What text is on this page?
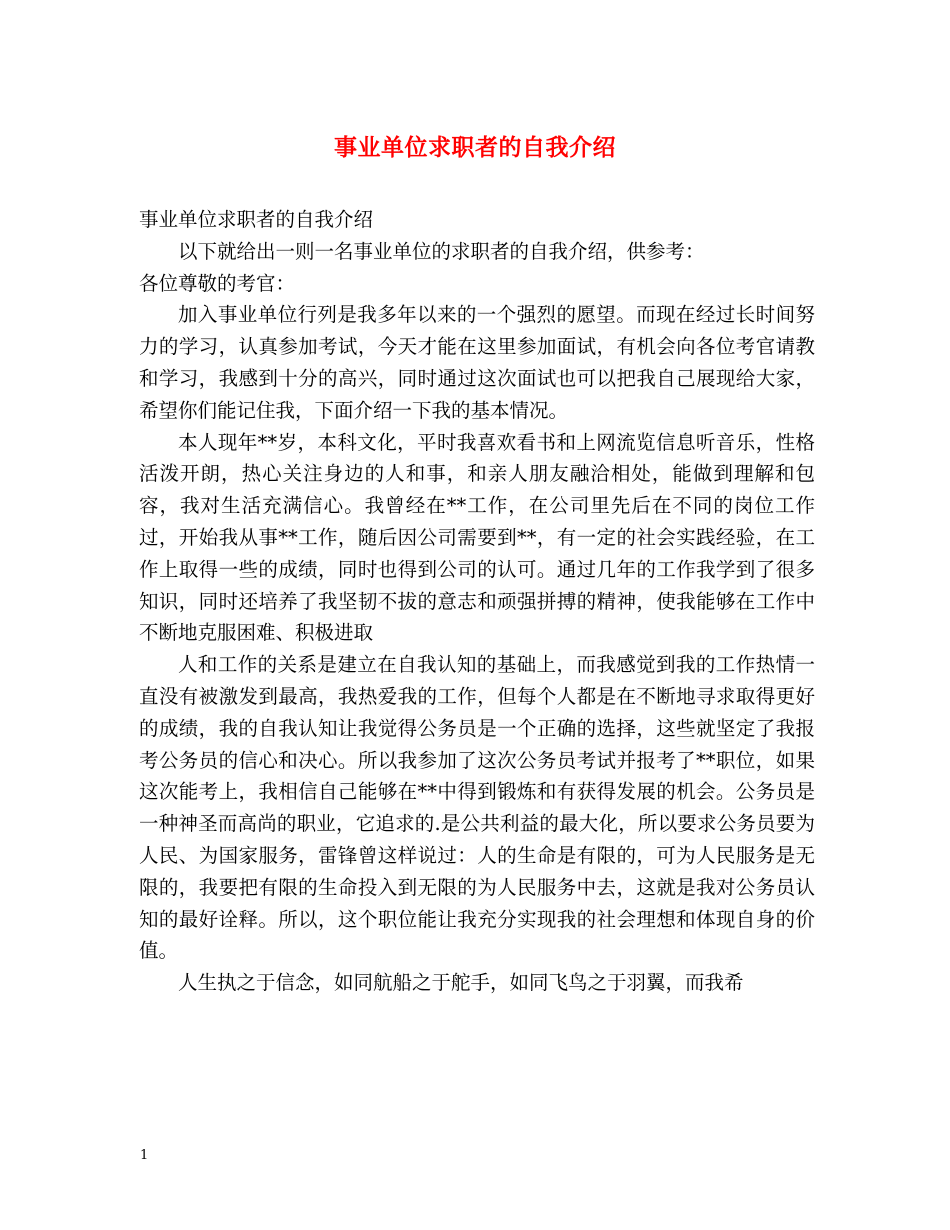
事业单位求职者的自我介绍

事业单位求职者的自我介绍

以下就给出一则一名事业单位的求职者的自我介绍，供参考：

各位尊敬的考官：

加入事业单位行列是我多年以来的一个强烈的愿望。而现在经过长时间努力的学习，认真参加考试，今天才能在这里参加面试，有机会向各位考官请教和学习，我感到十分的高兴，同时通过这次面试也可以把我自己展现给大家，希望你们能记住我，下面介绍一下我的基本情况。

本人现年**岁，本科文化，平时我喜欢看书和上网流览信息听音乐，性格活泼开朗，热心关注身边的人和事，和亲人朋友融洽相处，能做到理解和包容，我对生活充满信心。我曾经在**工作，在公司里先后在不同的岗位工作过，开始我从事**工作，随后因公司需要到**，有一定的社会实践经验，在工作上取得一些的成绩，同时也得到公司的认可。通过几年的工作我学到了很多知识，同时还培养了我坚韧不拔的意志和顽强拼搏的精神，使我能够在工作中不断地克服困难、积极进取

人和工作的关系是建立在自我认知的基础上，而我感觉到我的工作热情一直没有被激发到最高，我热爱我的工作，但每个人都是在不断地寻求取得更好的成绩，我的自我认知让我觉得公务员是一个正确的选择，这些就坚定了我报考公务员的信心和决心。所以我参加了这次公务员考试并报考了**职位，如果这次能考上，我相信自己能够在**中得到锻炼和有获得发展的机会。公务员是一种神圣而高尚的职业，它追求的.是公共利益的最大化，所以要求公务员要为人民、为国家服务，雷锋曾这样说过：人的生命是有限的，可为人民服务是无限的，我要把有限的生命投入到无限的为人民服务中去，这就是我对公务员认知的最好诠释。所以，这个职位能让我充分实现我的社会理想和体现自身的价值。

人生执之于信念，如同航船之于舵手，如同飞鸟之于羽翼，而我希

1
